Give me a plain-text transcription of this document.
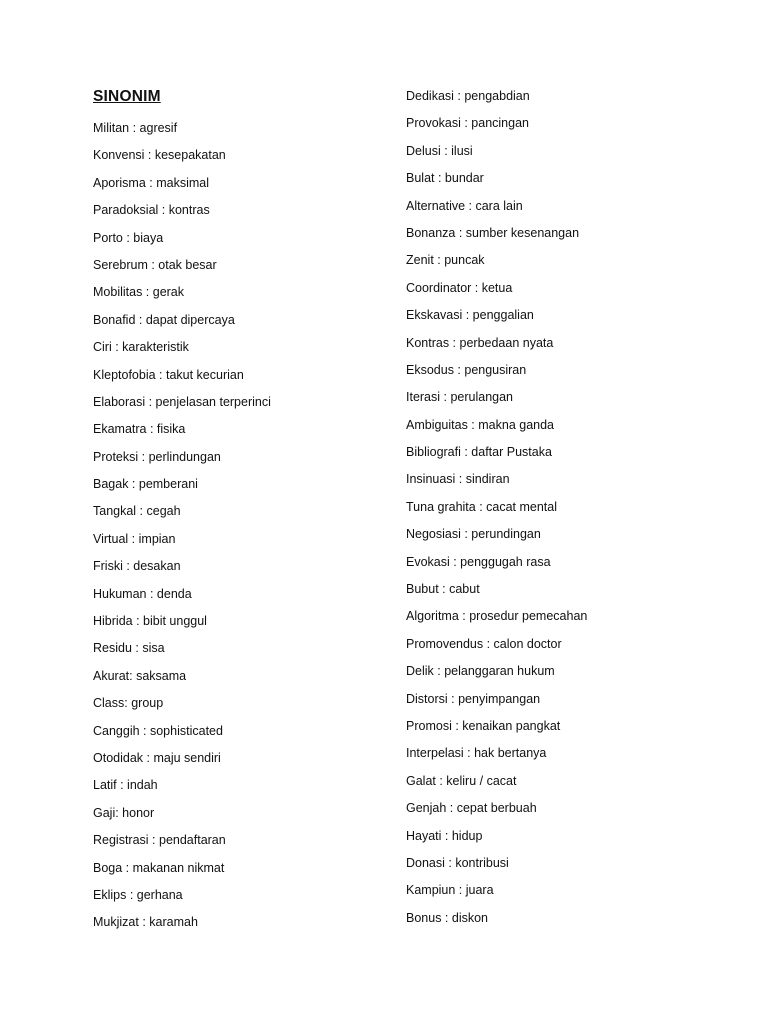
SINONIM
Militan : agresif
Konvensi : kesepakatan
Aporisma : maksimal
Paradoksial : kontras
Porto : biaya
Serebrum : otak besar
Mobilitas : gerak
Bonafid : dapat dipercaya
Ciri : karakteristik
Kleptofobia : takut kecurian
Elaborasi : penjelasan terperinci
Ekamatra : fisika
Proteksi : perlindungan
Bagak : pemberani
Tangkal : cegah
Virtual : impian
Friski : desakan
Hukuman : denda
Hibrida : bibit unggul
Residu : sisa
Akurat: saksama
Class: group
Canggih : sophisticated
Otodidak : maju sendiri
Latif : indah
Gaji: honor
Registrasi : pendaftaran
Boga : makanan nikmat
Eklips : gerhana
Mukjizat : karamah
Dedikasi : pengabdian
Provokasi : pancingan
Delusi : ilusi
Bulat : bundar
Alternative : cara lain
Bonanza : sumber kesenangan
Zenit : puncak
Coordinator : ketua
Ekskavasi : penggalian
Kontras : perbedaan nyata
Eksodus : pengusiran
Iterasi : perulangan
Ambiguitas : makna ganda
Bibliografi : daftar Pustaka
Insinuasi : sindiran
Tuna grahita : cacat mental
Negosiasi : perundingan
Evokasi : penggugah rasa
Bubut : cabut
Algoritma : prosedur pemecahan
Promovendus : calon doctor
Delik : pelanggaran hukum
Distorsi : penyimpangan
Promosi : kenaikan pangkat
Interpelasi : hak bertanya
Galat : keliru / cacat
Genjah : cepat berbuah
Hayati : hidup
Donasi : kontribusi
Kampiun : juara
Bonus : diskon
